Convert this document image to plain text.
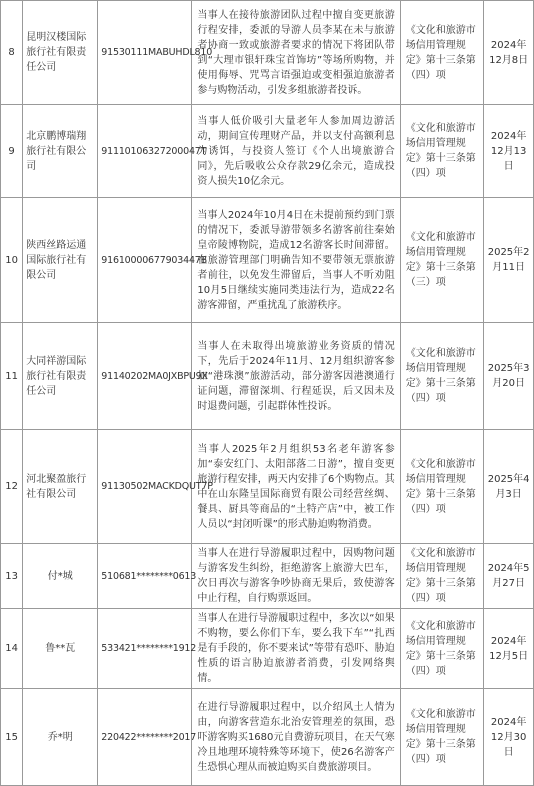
8	昆明汉楼国际旅行社有限责任公司	91530111MABUHDL810	当事人在接待旅游团队过程中擅自变更旅游行程安排，委派的导游人员李某在未与旅游者协商一致或旅游者要求的情况下将团队带到“大理市银轩珠宝首饰坊”等场所购物，并使用侮辱、咒骂言语强迫或变相强迫旅游者参与购物活动，引发多组旅游者投诉。	《文化和旅游市场信用管理规定》第十三条第（四）项	2024年12月8日
9	北京鹏博瑞翔旅行社有限公司	91110106327200047T	当事人低价吸引大量老年人参加周边游活动，期间宣传理财产品，并以支付高额利息为诱饵，与投资人签订《个人出境旅游合同》，先后吸收公众存款29亿余元，造成投资人损失10亿余元。	《文化和旅游市场信用管理规定》第十三条第（四）项	2024年12月13日
10	陕西丝路运通国际旅行社有限公司	91610000677903447B	当事人2024年10月4日在未提前预约到门票的情况下，委派导游带领多名游客前往秦始皇帝陵博物院，造成12名游客长时间滞留。在旅游管理部门明确告知不要带领无票旅游者前往，以免发生滞留后，当事人不听劝阻10月5日继续实施同类违法行为，造成22名游客滞留，严重扰乱了旅游秩序。	《文化和旅游市场信用管理规定》第十三条第（三）项	2025年2月11日
11	大同祥游国际旅行社有限责任公司	91140202MA0JXBPU9X	当事人在未取得出境旅游业务资质的情况下，先后于2024年11月、12月组织游客参加“港珠澳”旅游活动，部分游客因港澳通行证问题，滞留深圳、行程延误，后又因未及时退费问题，引起群体性投诉。	《文化和旅游市场信用管理规定》第十三条第（四）项	2025年3月20日
12	河北聚盈旅行社有限公司	91130502MACKDQUT7P	当事人2025年2月组织53名老年游客参加“泰安红门、太阳部落二日游”，擅自变更旅游行程安排，两天内安排了6个购物点。其中在山东隆呈国际商贸有限公司经营丝绸、餐具、厨具等商品的“土特产店”中，被工作人员以“封闭听课”的形式胁迫购物消费。	《文化和旅游市场信用管理规定》第十三条第（四）项	2025年4月3日
13	付*城	510681********0613	当事人在进行导游履职过程中，因购物问题与游客发生纠纷，拒绝游客上旅游大巴车，次日再次与游客争吵协商无果后，致使游客中止行程，自行购票返回。	《文化和旅游市场信用管理规定》第十三条第（四）项	2024年5月27日
14	鲁**瓦	533421********1912	当事人在进行导游履职过程中，多次以“如果不购物，要么你们下车，要么我下车”“扎西是有手段的，你不要来试”等带有恐吓、胁迫性质的语言胁迫旅游者消费，引发网络舆情。	《文化和旅游市场信用管理规定》第十三条第（四）项	2024年12月5日
15	乔*明	220422********2017	在进行导游履职过程中，以介绍风土人情为由，向游客营造东北治安管理差的氛围，恐吓游客购买1680元自费游玩项目，在天气寒冷且地理环境特殊等环境下，使26名游客产生恐惧心理从而被迫购买自费旅游项目。	《文化和旅游市场信用管理规定》第十三条第（四）项	2024年12月30日
